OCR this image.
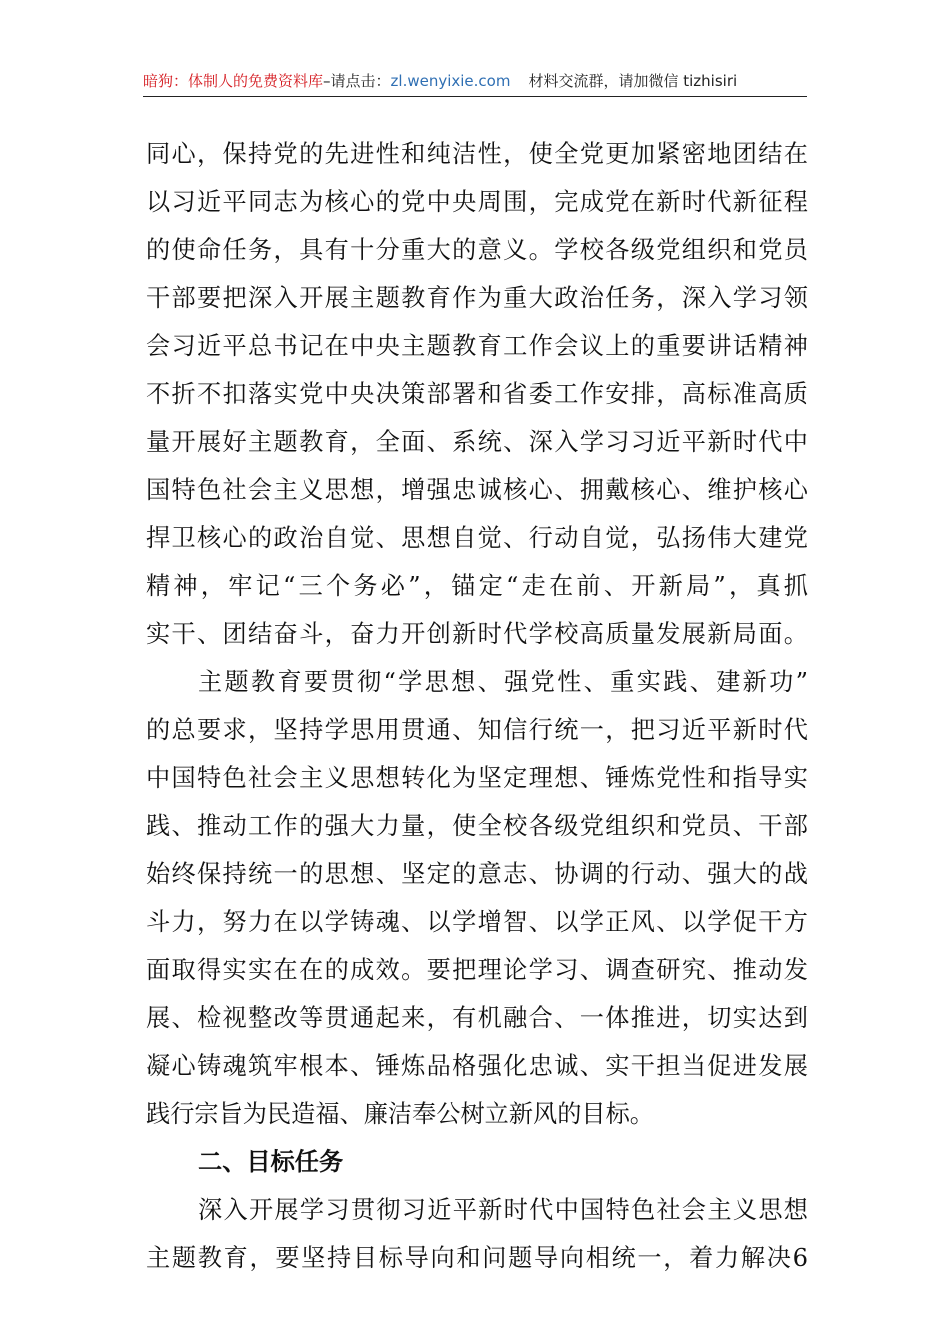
暗狗：体制人的免费资料库–请点击：zl.wenyixie.com 材料交流群，请加微信 tizhisiri
同心，保持党的先进性和纯洁性，使全党更加紧密地团结在
以习近平同志为核心的党中央周围，完成党在新时代新征程
的使命任务，具有十分重大的意义。学校各级党组织和党员
干部要把深入开展主题教育作为重大政治任务，深入学习领
会习近平总书记在中央主题教育工作会议上的重要讲话精神
不折不扣落实党中央决策部署和省委工作安排，高标准高质
量开展好主题教育，全面、系统、深入学习习近平新时代中
国特色社会主义思想，增强忠诚核心、拥戴核心、维护核心
捍卫核心的政治自觉、思想自觉、行动自觉，弘扬伟大建党
精神，牢记“三个务必”，锚定“走在前、开新局”，真抓
实干、团结奋斗，奋力开创新时代学校高质量发展新局面。
主题教育要贯彻“学思想、强党性、重实践、建新功”
的总要求，坚持学思用贯通、知信行统一，把习近平新时代
中国特色社会主义思想转化为坚定理想、锤炼党性和指导实
践、推动工作的强大力量，使全校各级党组织和党员、干部
始终保持统一的思想、坚定的意志、协调的行动、强大的战
斗力，努力在以学铸魂、以学增智、以学正风、以学促干方
面取得实实在在的成效。要把理论学习、调查研究、推动发
展、检视整改等贯通起来，有机融合、一体推进，切实达到
凝心铸魂筑牢根本、锤炼品格强化忠诚、实干担当促进发展
践行宗旨为民造福、廉洁奉公树立新风的目标。
二、目标任务
深入开展学习贯彻习近平新时代中国特色社会主义思想
主题教育，要坚持目标导向和问题导向相统一，着力解决6
